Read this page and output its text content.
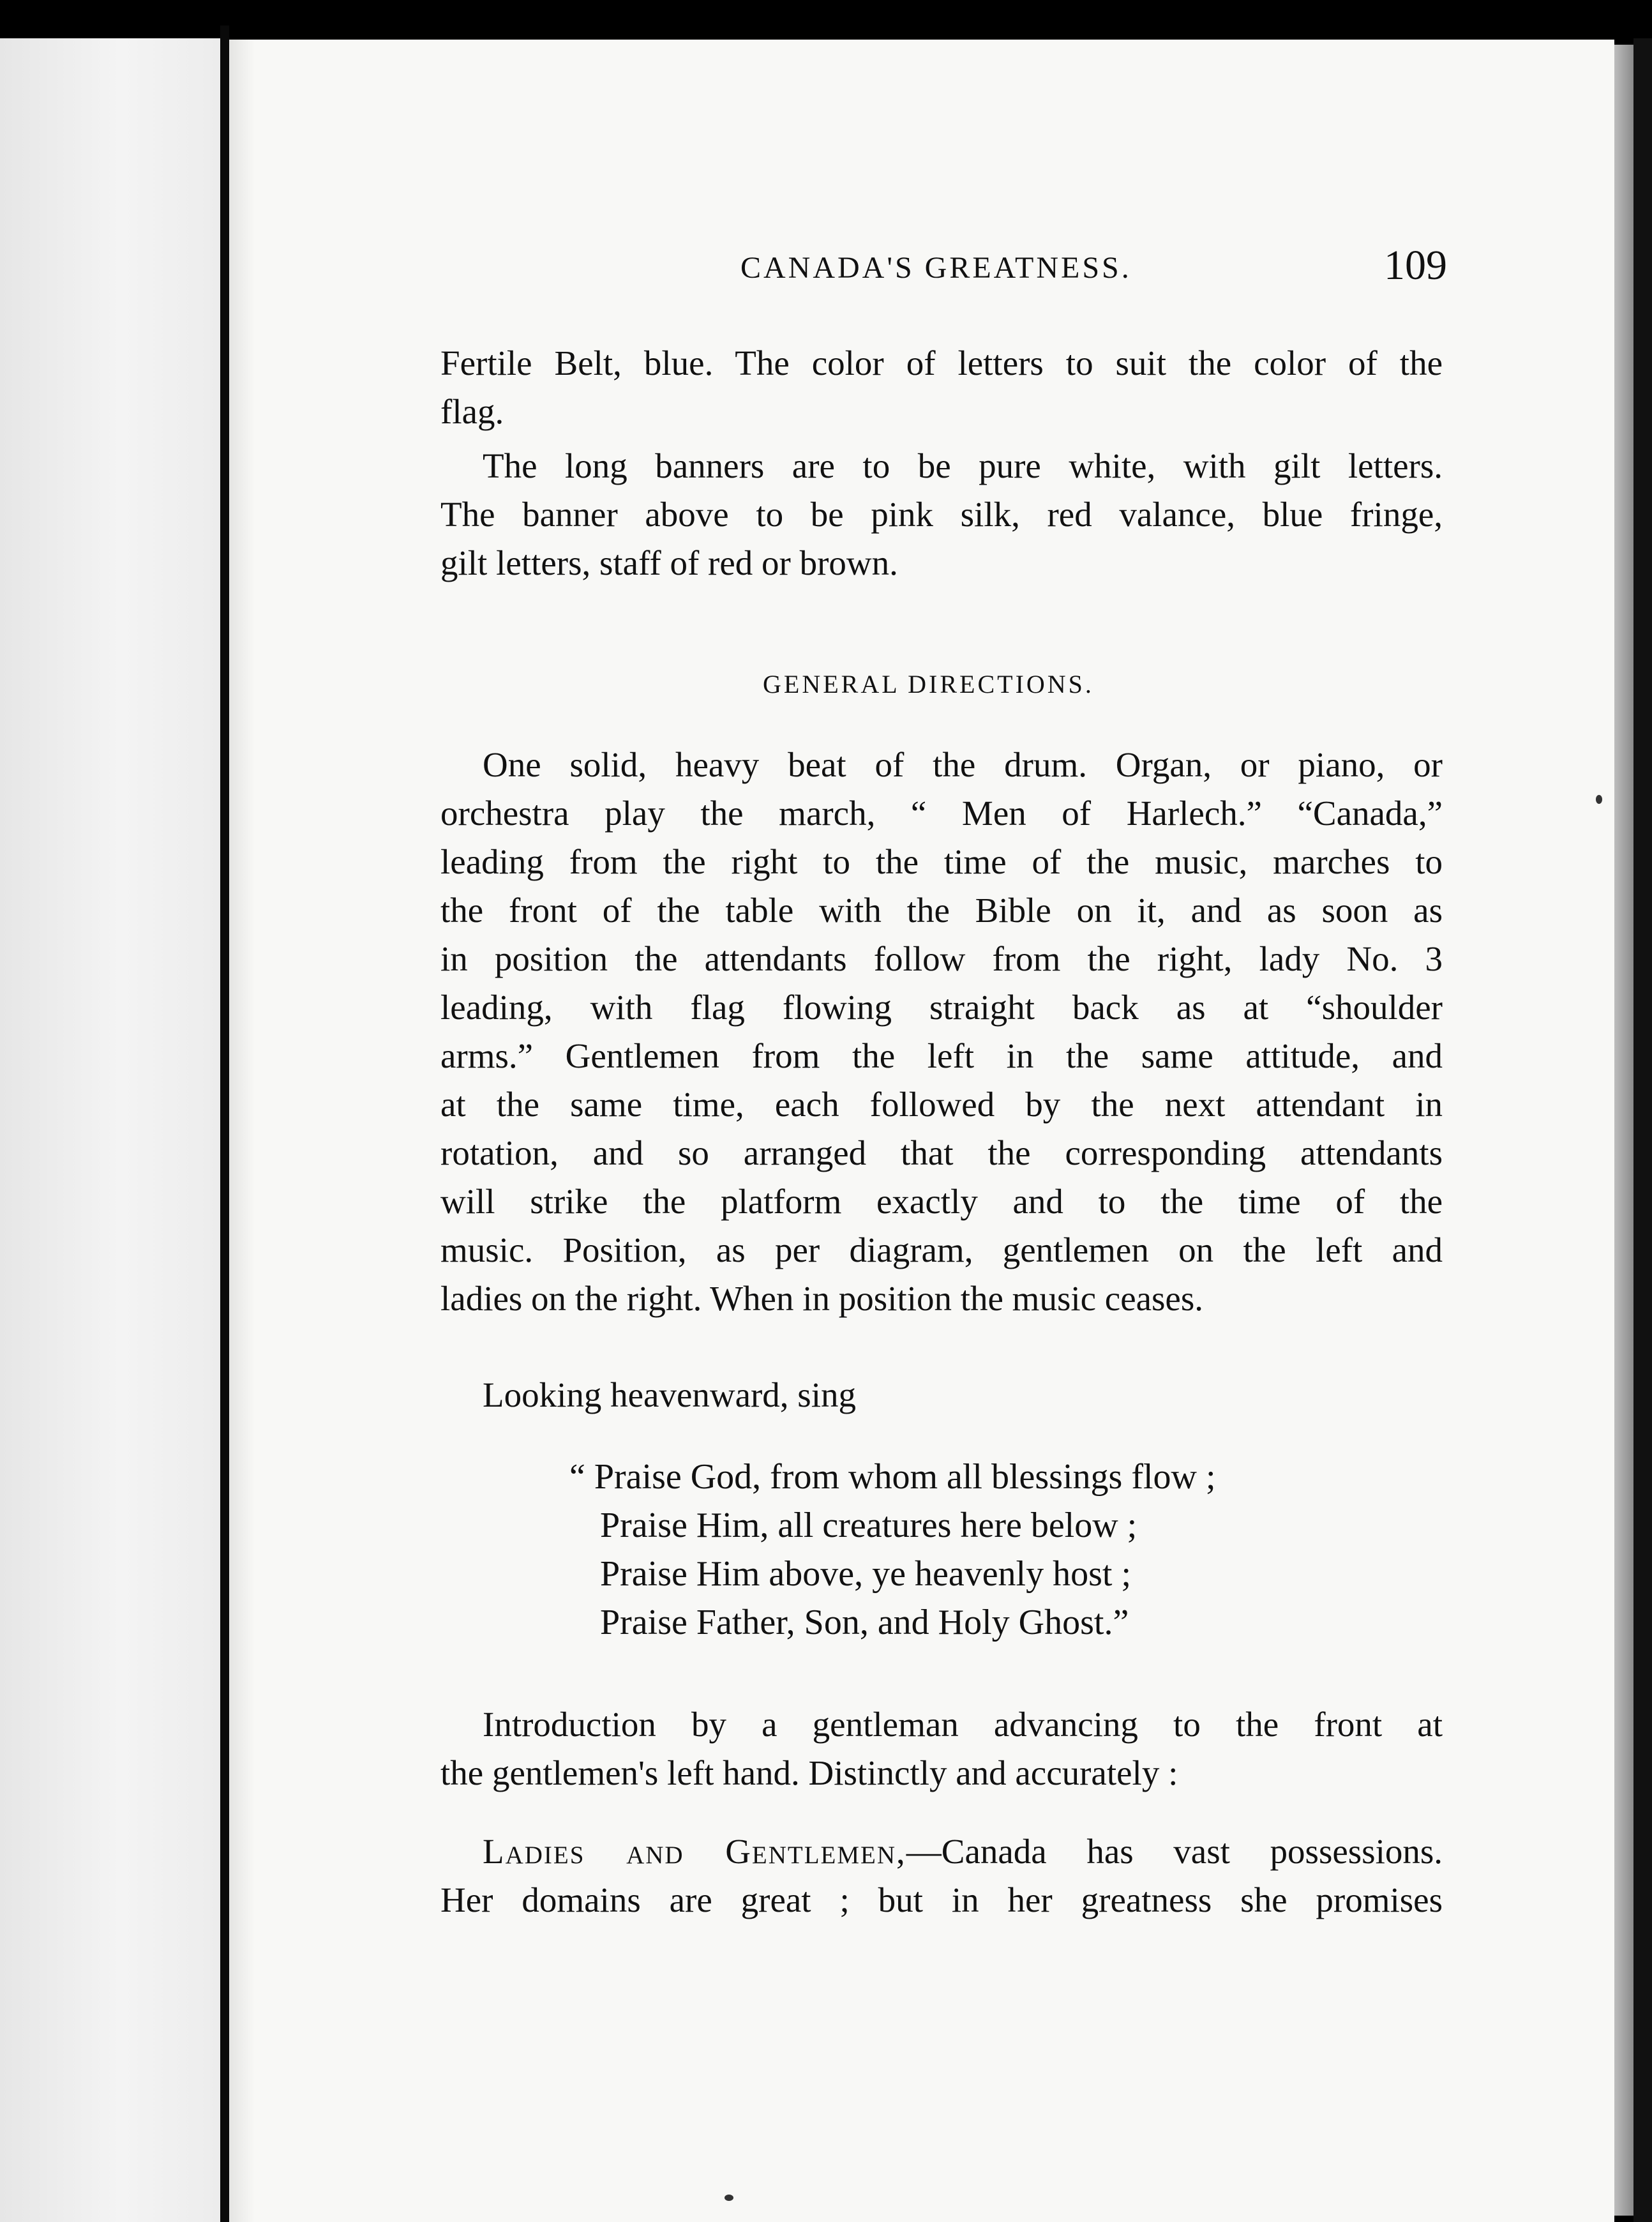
CANADA'S GREATNESS.	109
Fertile Belt, blue. The color of letters to suit the color of the
flag.
The long banners are to be pure white, with gilt letters.
The banner above to be pink silk, red valance, blue fringe,
gilt letters, staff of red or brown.
GENERAL DIRECTIONS.
One solid, heavy beat of the drum. Organ, or piano, or
orchestra play the march, “ Men of Harlech.” “Canada,”
leading from the right to the time of the music, marches to
the front of the table with the Bible on it, and as soon as
in position the attendants follow from the right, lady No. 3
leading, with flag flowing straight back as at “shoulder
arms.” Gentlemen from the left in the same attitude, and
at the same time, each followed by the next attendant in
rotation, and so arranged that the corresponding attendants
will strike the platform exactly and to the time of the
music. Position, as per diagram, gentlemen on the left and
ladies on the right. When in position the music ceases.
Looking heavenward, sing
“ Praise God, from whom all blessings flow ;
Praise Him, all creatures here below ;
Praise Him above, ye heavenly host ;
Praise Father, Son, and Holy Ghost.”
Introduction by a gentleman advancing to the front at
the gentlemen's left hand. Distinctly and accurately :
Ladies and Gentlemen,—Canada has vast possessions.
Her domains are great ; but in her greatness she promises
